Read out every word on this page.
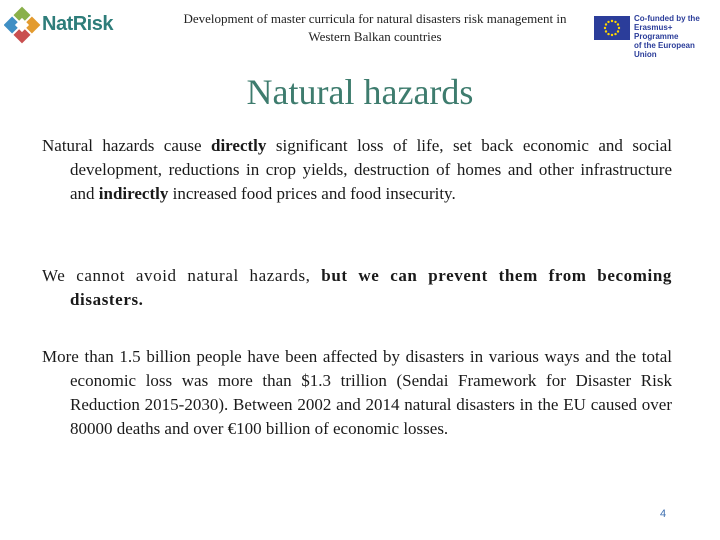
NatRisk	Development of master curricula for natural disasters risk management in
Western Balkan countries
Co-funded by the
Erasmus+ Programme
of the European Union
Natural hazards
Natural hazards cause directly significant loss of life, set back economic and social development, reductions in crop yields, destruction of homes and other infrastructure and indirectly increased food prices and food insecurity.
We cannot avoid natural hazards, but we can prevent them from becoming disasters.
More than 1.5 billion people have been affected by disasters in various ways and the total economic loss was more than $1.3 trillion (Sendai Framework for Disaster Risk Reduction 2015-2030). Between 2002 and 2014 natural disasters in the EU caused over 80000 deaths and over €100 billion of economic losses.
4
